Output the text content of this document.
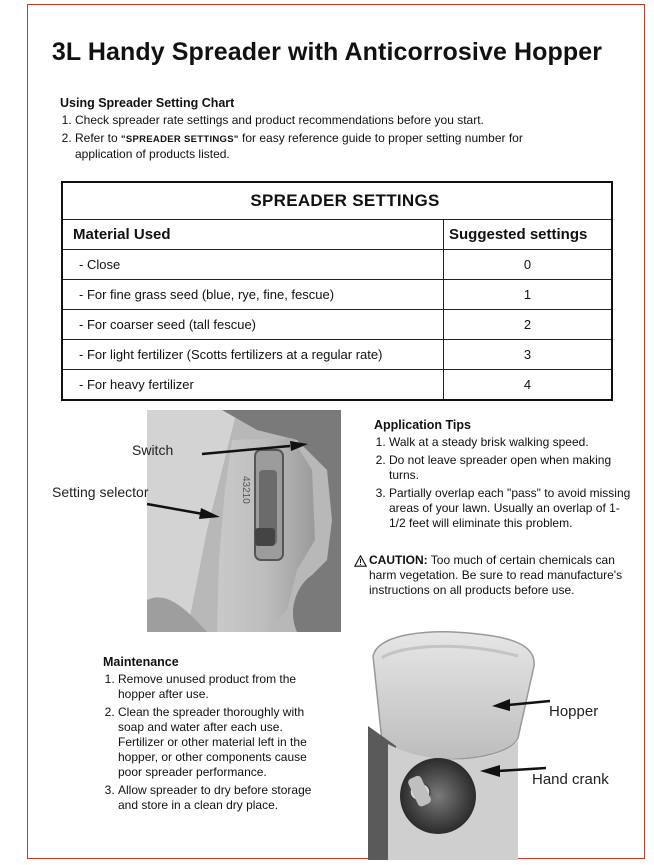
3L Handy Spreader with Anticorrosive Hopper
Using Spreader Setting Chart
1. Check spreader rate settings and product recommendations before you start.
2. Refer to "SPREADER SETTINGS" for easy reference guide to proper setting number for application of products listed.
SPREADER SETTINGS	
Material Used	Suggested settings
- Close	0
- For fine grass seed (blue, rye, fine, fescue)	1
- For coarser seed (tall fescue)	2
- For light fertilizer (Scotts fertilizers at a regular rate)	3
- For heavy fertilizer	4
43210
Switch
Setting selector
Application Tips
1. Walk at a steady brisk walking speed.
2. Do not leave spreader open when making turns.
3. Partially overlap each "pass" to avoid missing areas of your lawn. Usually an overlap of 1-1/2 feet will eliminate this problem.
CAUTION: Too much of certain chemicals can harm vegetation. Be sure to read manufacture's instructions on all products before use.
Maintenance
1. Remove unused product from the hopper after use.
2. Clean the spreader thoroughly with soap and water after each use. Fertilizer or other material left in the hopper, or other components cause poor spreader performance.
3. Allow spreader to dry before storage and store in a clean dry place.
Hopper
Hand crank
